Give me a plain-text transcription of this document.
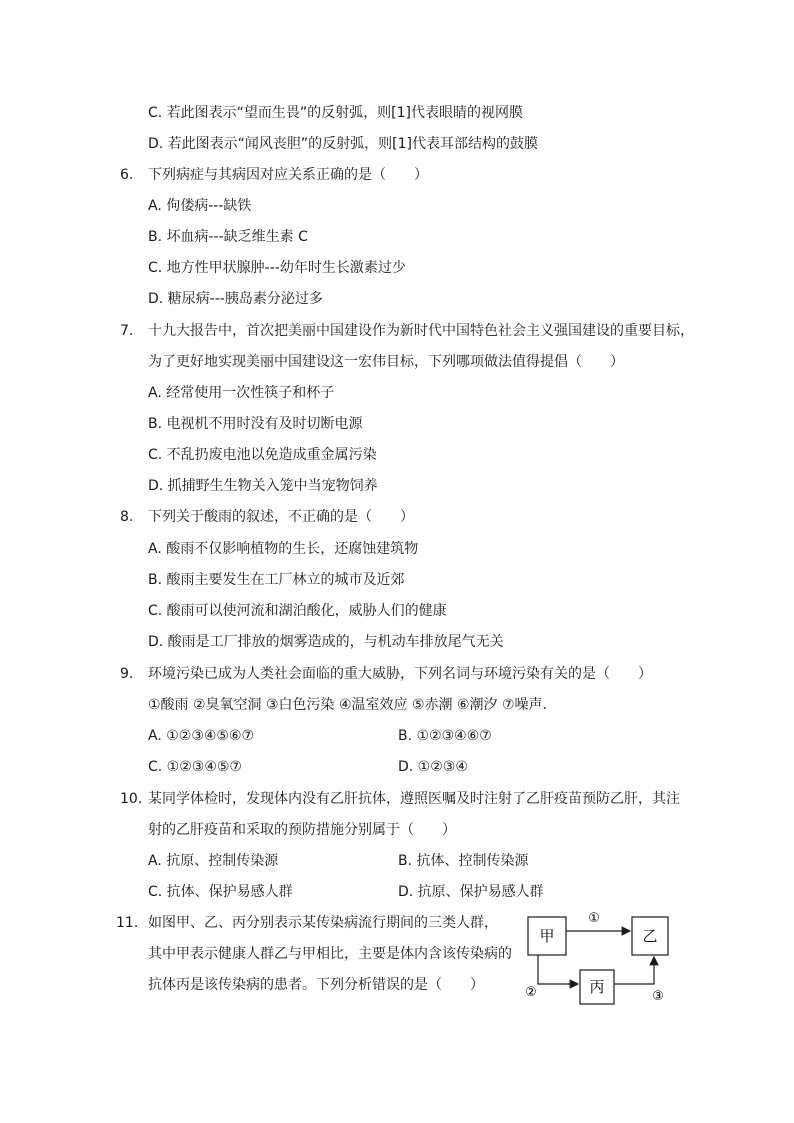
C. 若此图表示“望而生畏”的反射弧，则[1]代表眼睛的视网膜
D. 若此图表示“闻风丧胆”的反射弧，则[1]代表耳部结构的鼓膜
6. 下列病症与其病因对应关系正确的是（　　）
A. 佝偻病---缺铁
B. 坏血病---缺乏维生素 C
C. 地方性甲状腺肿---幼年时生长激素过少
D. 糖尿病---胰岛素分泌过多
7. 十九大报告中，首次把美丽中国建设作为新时代中国特色社会主义强国建设的重要目标，
为了更好地实现美丽中国建设这一宏伟目标，下列哪项做法值得提倡（　　）
A. 经常使用一次性筷子和杯子
B. 电视机不用时没有及时切断电源
C. 不乱扔废电池以免造成重金属污染
D. 抓捕野生生物关入笼中当宠物饲养
8. 下列关于酸雨的叙述，不正确的是（　　）
A. 酸雨不仅影响植物的生长，还腐蚀建筑物
B. 酸雨主要发生在工厂林立的城市及近郊
C. 酸雨可以使河流和湖泊酸化，威胁人们的健康
D. 酸雨是工厂排放的烟雾造成的，与机动车排放尾气无关
9. 环境污染已成为人类社会面临的重大威胁，下列名词与环境污染有关的是（　　）
①酸雨 ②臭氧空洞 ③白色污染 ④温室效应 ⑤赤潮 ⑥潮汐 ⑦噪声．
A. ①②③④⑤⑥⑦	B. ①②③④⑥⑦
C. ①②③④⑤⑦	D. ①②③④
10. 某同学体检时，发现体内没有乙肝抗体，遵照医嘱及时注射了乙肝疫苗预防乙肝，其注
射的乙肝疫苗和采取的预防措施分别属于（　　）
A. 抗原、控制传染源	B. 抗体、控制传染源
C. 抗体、保护易感人群	D. 抗原、保护易感人群
11. 如图甲、乙、丙分别表示某传染病流行期间的三类人群，
其中甲表示健康人群乙与甲相比，主要是体内含该传染病的
抗体丙是该传染病的患者。下列分析错误的是（　　）
甲	乙
丙
①
②	③
